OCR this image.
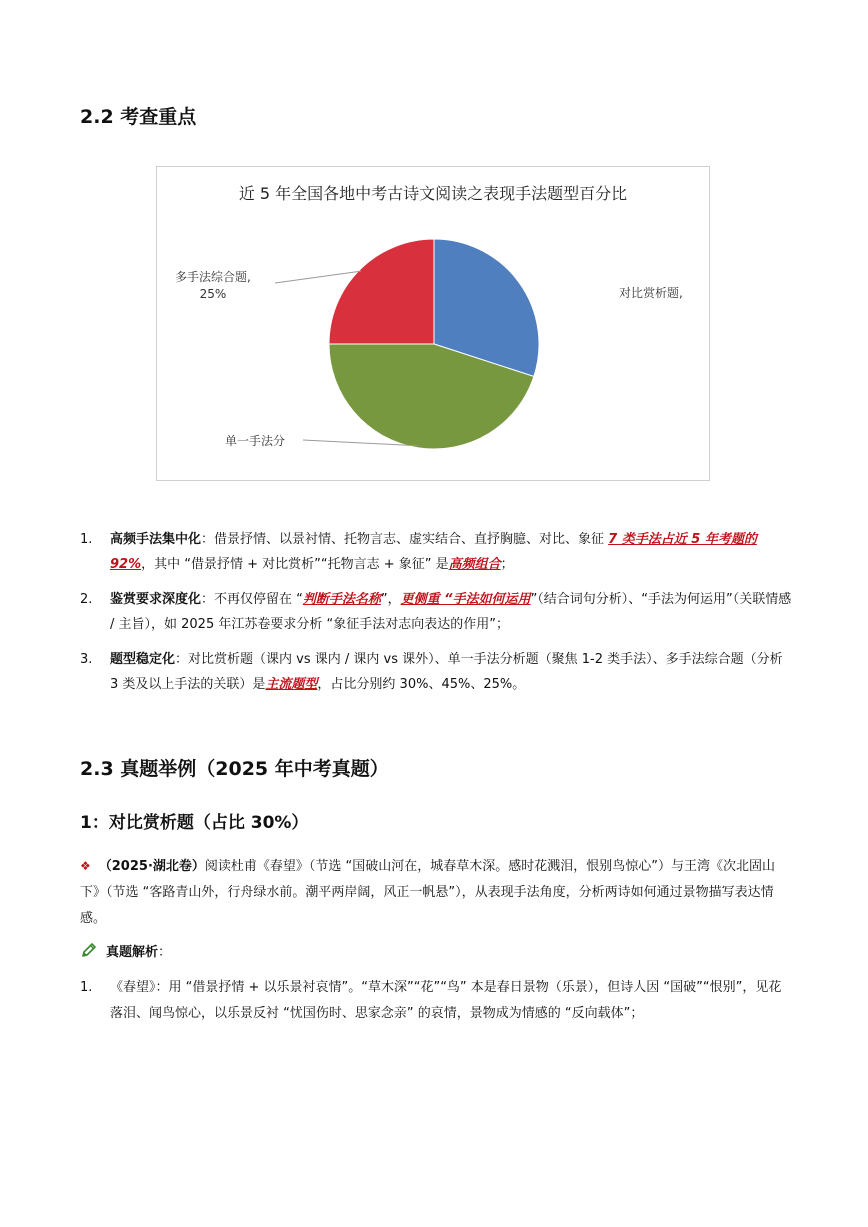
2.2 考查重点
近 5 年全国各地中考古诗文阅读之表现手法题型百分比
多手法综合题,
25%	对比赏析题,
单一手法分
1. 高频手法集中化：借景抒情、以景衬情、托物言志、虚实结合、直抒胸臆、对比、象征 7 类手法占近 5 年考题的 92%，其中 “借景抒情 + 对比赏析”“托物言志 + 象征” 是高频组合；
2. 鉴赏要求深度化：不再仅停留在 “判断手法名称”，更侧重 “手法如何运用”（结合词句分析）、“手法为何运用”（关联情感 / 主旨），如 2025 年江苏卷要求分析 “象征手法对志向表达的作用”；
3. 题型稳定化：对比赏析题（课内 vs 课内 / 课内 vs 课外）、单一手法分析题（聚焦 1-2 类手法）、多手法综合题（分析 3 类及以上手法的关联）是主流题型，占比分别约 30%、45%、25%。
2.3 真题举例（2025 年中考真题）
1：对比赏析题（占比 30%）
❖ （2025·湖北卷）阅读杜甫《春望》（节选 “国破山河在，城春草木深。感时花溅泪，恨别鸟惊心”）与王湾《次北固山下》（节选 “客路青山外，行舟绿水前。潮平两岸阔，风正一帆悬”），从表现手法角度，分析两诗如何通过景物描写表达情感。
真题解析：
1. 《春望》：用 “借景抒情 + 以乐景衬哀情”。“草木深”“花”“鸟” 本是春日景物（乐景），但诗人因 “国破”“恨别”，见花落泪、闻鸟惊心，以乐景反衬 “忧国伤时、思家念亲” 的哀情，景物成为情感的 “反向载体”；
